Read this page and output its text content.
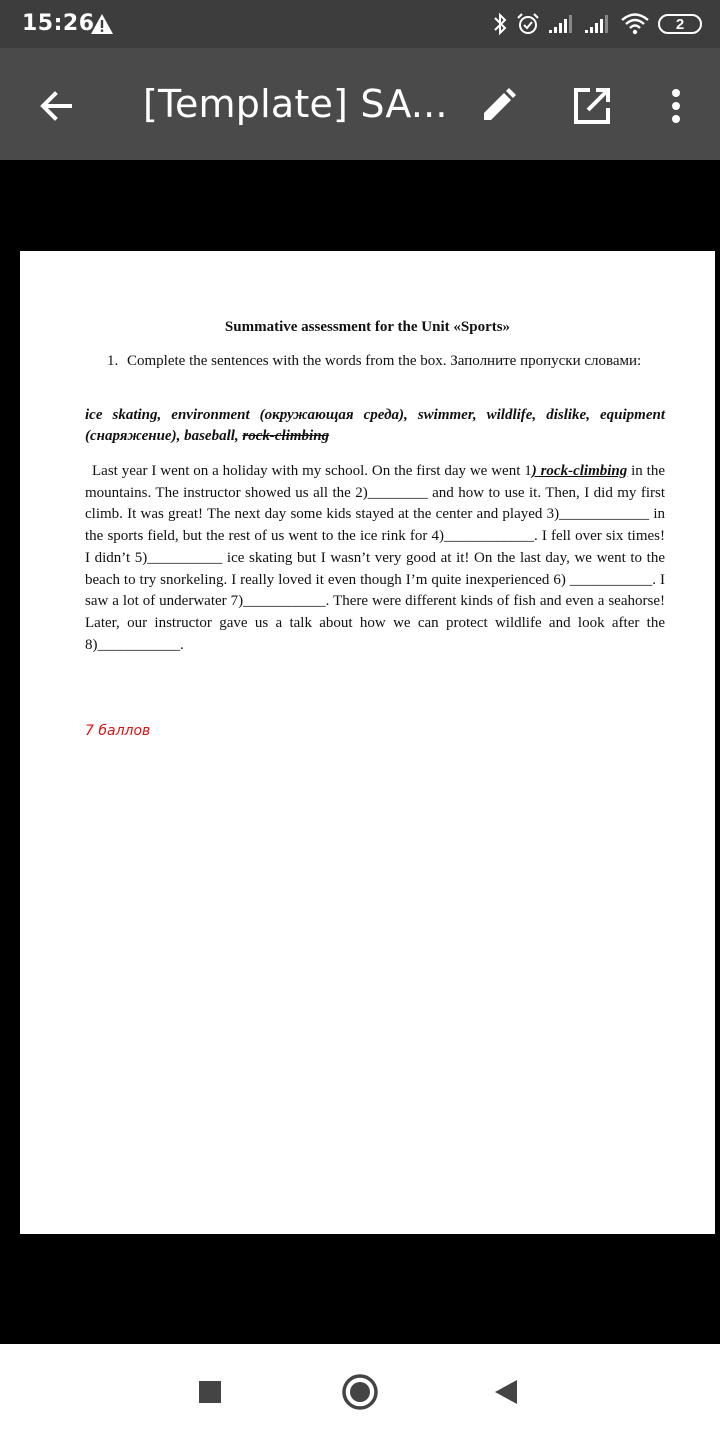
15:26	2
[Template] SA...
Summative assessment for the Unit «Sports»
1. Complete the sentences with the words from the box. Заполните пропуски словами:
ice skating, environment (окружающая среда), swimmer, wildlife, dislike, equipment (снаряжение), baseball, rock-climbing
Last year I went on a holiday with my school. On the first day we went 1) rock-climbing in the mountains. The instructor showed us all the 2)________ and how to use it. Then, I did my first climb. It was great! The next day some kids stayed at the center and played 3)____________ in the sports field, but the rest of us went to the ice rink for 4)____________. I fell over six times! I didn’t 5)__________ ice skating but I wasn’t very good at it! On the last day, we went to the beach to try snorkeling. I really loved it even though I’m quite inexperienced 6) ___________. I saw a lot of underwater 7)___________. There were different kinds of fish and even a seahorse! Later, our instructor gave us a talk about how we can protect wildlife and look after the 8)___________.
7 баллов
